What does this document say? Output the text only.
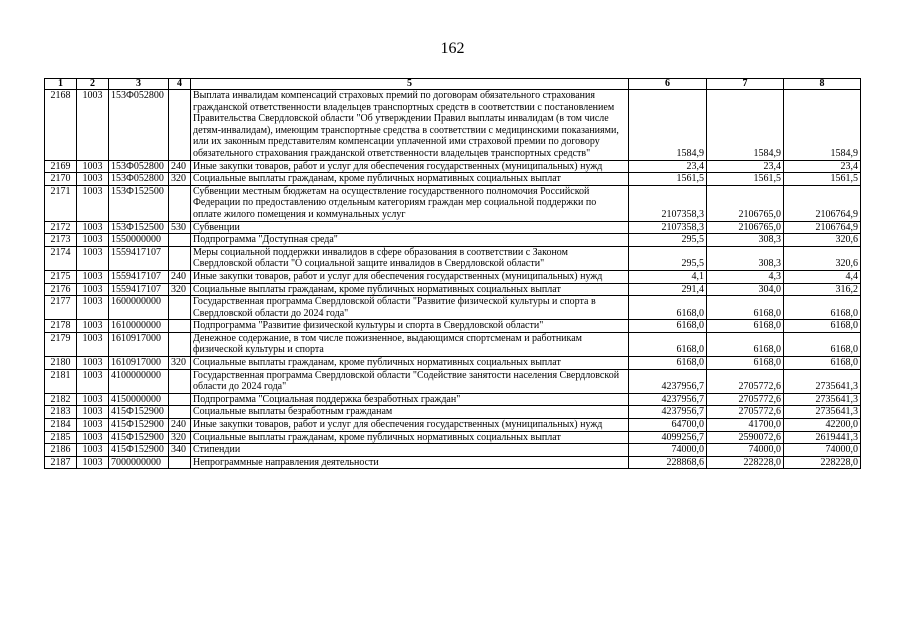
162
1	2	3	4	5	6	7	8
2168	1003	153Ф052800		Выплата инвалидам компенсаций страховых премий по договорам обязательного страхования гражданской ответственности владельцев транспортных средств в соответствии с постановлением Правительства Свердловской области "Об утверждении Правил выплаты инвалидам (в том числе детям-инвалидам), имеющим транспортные средства в соответствии с медицинскими показаниями, или их законным представителям компенсации уплаченной ими страховой премии по договору обязательного страхования гражданской ответственности владельцев транспортных средств"	1584,9	1584,9	1584,9
2169	1003	153Ф052800	240	Иные закупки товаров, работ и услуг для обеспечения государственных (муниципальных) нужд	23,4	23,4	23,4
2170	1003	153Ф052800	320	Социальные выплаты гражданам, кроме публичных нормативных социальных выплат	1561,5	1561,5	1561,5
2171	1003	153Ф152500		Субвенции местным бюджетам на осуществление государственного полномочия Российской Федерации по предоставлению отдельным категориям граждан мер социальной поддержки по оплате жилого помещения и коммунальных услуг	2107358,3	2106765,0	2106764,9
2172	1003	153Ф152500	530	Субвенции	2107358,3	2106765,0	2106764,9
2173	1003	1550000000		Подпрограмма "Доступная среда"	295,5	308,3	320,6
2174	1003	1559417107		Меры социальной поддержки инвалидов в сфере образования в соответствии с Законом Свердловской области "О социальной защите инвалидов в Свердловской области"	295,5	308,3	320,6
2175	1003	1559417107	240	Иные закупки товаров, работ и услуг для обеспечения государственных (муниципальных) нужд	4,1	4,3	4,4
2176	1003	1559417107	320	Социальные выплаты гражданам, кроме публичных нормативных социальных выплат	291,4	304,0	316,2
2177	1003	1600000000		Государственная программа Свердловской области "Развитие физической культуры и спорта в Свердловской области до 2024 года"	6168,0	6168,0	6168,0
2178	1003	1610000000		Подпрограмма "Развитие физической культуры и спорта в Свердловской области"	6168,0	6168,0	6168,0
2179	1003	1610917000		Денежное содержание, в том числе пожизненное, выдающимся спортсменам и работникам физической культуры и спорта	6168,0	6168,0	6168,0
2180	1003	1610917000	320	Социальные выплаты гражданам, кроме публичных нормативных социальных выплат	6168,0	6168,0	6168,0
2181	1003	4100000000		Государственная программа Свердловской области "Содействие занятости населения Свердловской области до 2024 года"	4237956,7	2705772,6	2735641,3
2182	1003	4150000000		Подпрограмма "Социальная поддержка безработных граждан"	4237956,7	2705772,6	2735641,3
2183	1003	415Ф152900		Социальные выплаты безработным гражданам	4237956,7	2705772,6	2735641,3
2184	1003	415Ф152900	240	Иные закупки товаров, работ и услуг для обеспечения государственных (муниципальных) нужд	64700,0	41700,0	42200,0
2185	1003	415Ф152900	320	Социальные выплаты гражданам, кроме публичных нормативных социальных выплат	4099256,7	2590072,6	2619441,3
2186	1003	415Ф152900	340	Стипендии	74000,0	74000,0	74000,0
2187	1003	7000000000		Непрограммные направления деятельности	228868,6	228228,0	228228,0
